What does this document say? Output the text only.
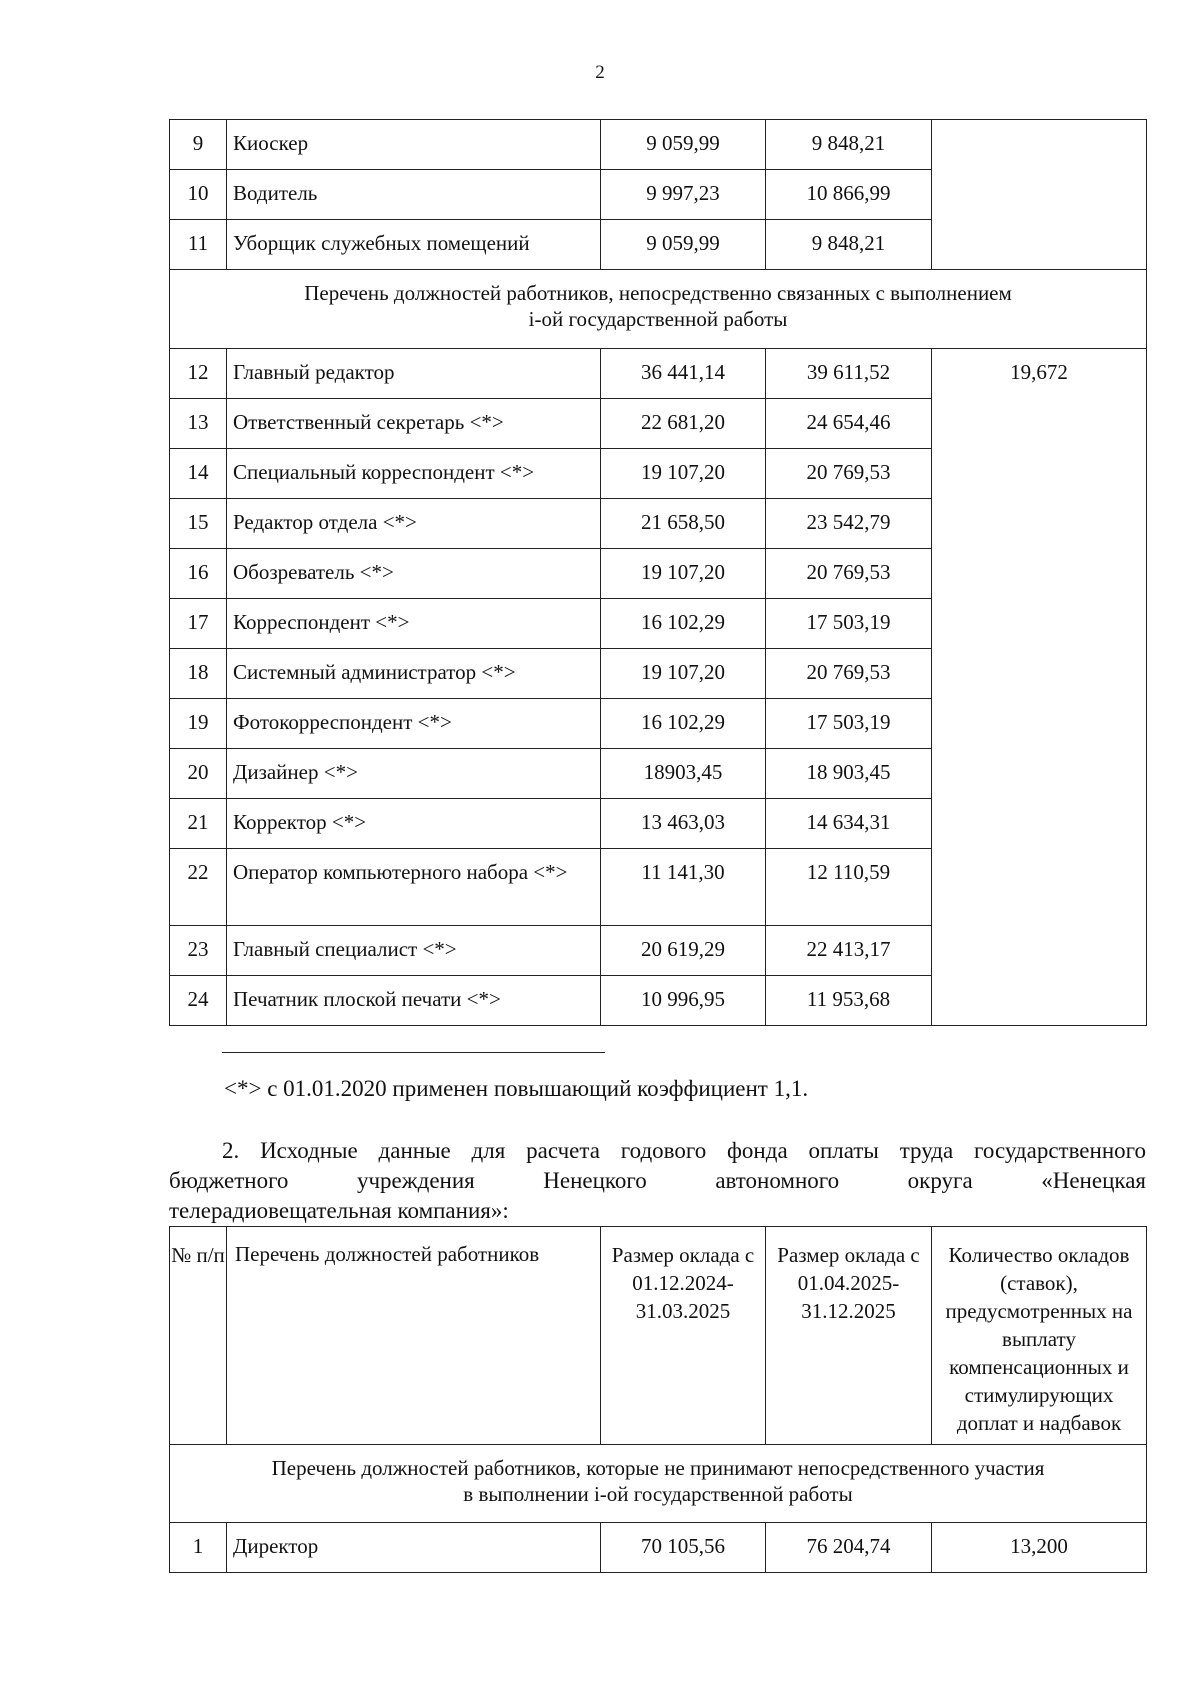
2
9	Киоскер	9 059,99	9 848,21	
10	Водитель	9 997,23	10 866,99	
11	Уборщик служебных помещений	9 059,99	9 848,21	

Перечень должностей работников, непосредственно связанных с выполнением
i-ой государственной работы				

12	Главный редактор	36 441,14	39 611,52	19,672
13	Ответственный секретарь <*>	22 681,20	24 654,46	
14	Специальный корреспондент <*>	19 107,20	20 769,53	
15	Редактор отдела <*>	21 658,50	23 542,79	
16	Обозреватель <*>	19 107,20	20 769,53	
17	Корреспондент <*>	16 102,29	17 503,19	
18	Системный администратор <*>	19 107,20	20 769,53	
19	Фотокорреспондент <*>	16 102,29	17 503,19	
20	Дизайнер <*>	18903,45	18 903,45	
21	Корректор <*>	13 463,03	14 634,31	
22	Оператор компьютерного набора <*>	11 141,30	12 110,59	
23	Главный специалист <*>	20 619,29	22 413,17	
24	Печатник плоской печати <*>	10 996,95	11 953,68	
<*> с 01.01.2020 применен повышающий коэффициент 1,1.
2. Исходные данные для расчета годового фонда оплаты труда государственного
бюджетного учреждения Ненецкого автономного округа «Ненецкая
телерадиовещательная компания»:
№ п/п	Перечень должностей работников	Размер оклада с 01.12.2024-31.03.2025	Размер оклада с 01.04.2025-31.12.2025	Количество окладов (ставок), предусмотренных на выплату компенсационных и стимулирующих доплат и надбавок

Перечень должностей работников, которые не принимают непосредственного участия
в выполнении i-ой государственной работы				

1	Директор	70 105,56	76 204,74	13,200
